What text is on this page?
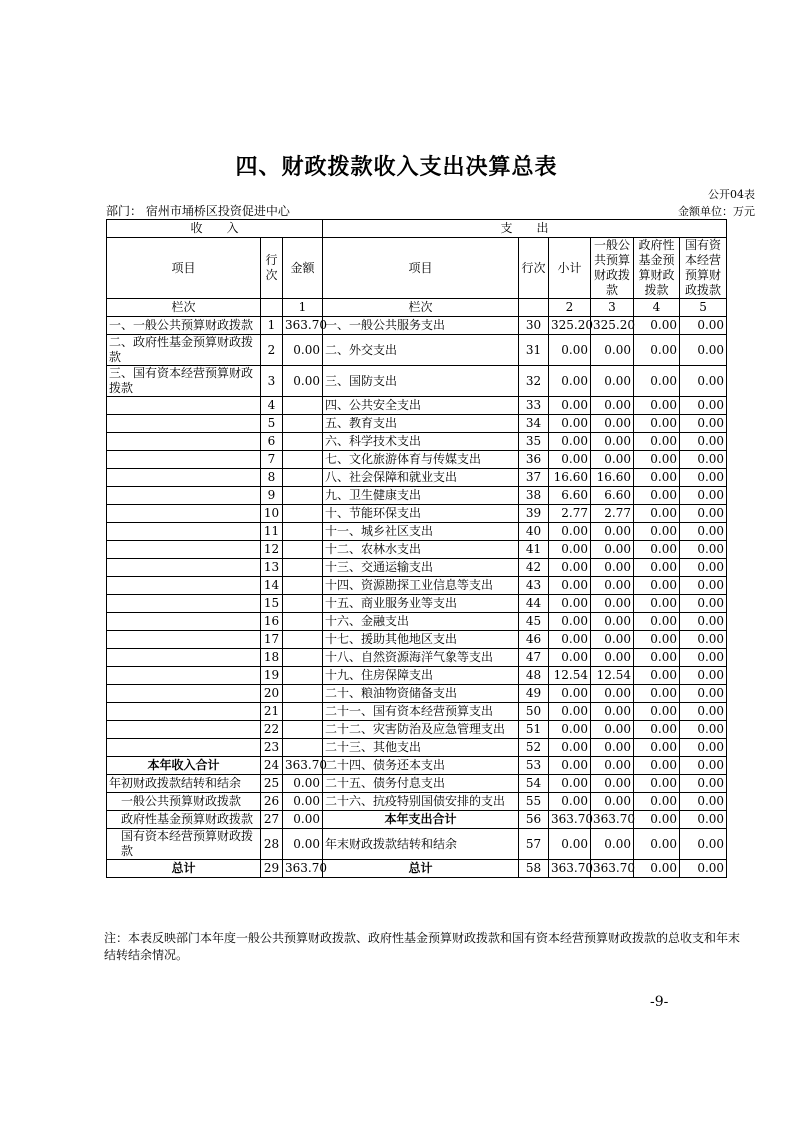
四、财政拨款收入支出决算总表
公开04表
部门： 宿州市埇桥区投资促进中心	金额单位：万元
收　　入			支　　出					
项目	行次	金额	项目	行次	小计	一般公共预算财政拨款	政府性基金预算财政拨款	国有资本经营预算财政拨款
栏次		1	栏次		2	3	4	5
一、一般公共预算财政拨款	1	363.70	一、一般公共服务支出	30	325.20	325.20	0.00	0.00
二、政府性基金预算财政拨款	2	0.00	二、外交支出	31	0.00	0.00	0.00	0.00
三、国有资本经营预算财政拨款	3	0.00	三、国防支出	32	0.00	0.00	0.00	0.00
	4		四、公共安全支出	33	0.00	0.00	0.00	0.00
	5		五、教育支出	34	0.00	0.00	0.00	0.00
	6		六、科学技术支出	35	0.00	0.00	0.00	0.00
	7		七、文化旅游体育与传媒支出	36	0.00	0.00	0.00	0.00
	8		八、社会保障和就业支出	37	16.60	16.60	0.00	0.00
	9		九、卫生健康支出	38	6.60	6.60	0.00	0.00
	10		十、节能环保支出	39	2.77	2.77	0.00	0.00
	11		十一、城乡社区支出	40	0.00	0.00	0.00	0.00
	12		十二、农林水支出	41	0.00	0.00	0.00	0.00
	13		十三、交通运输支出	42	0.00	0.00	0.00	0.00
	14		十四、资源勘探工业信息等支出	43	0.00	0.00	0.00	0.00
	15		十五、商业服务业等支出	44	0.00	0.00	0.00	0.00
	16		十六、金融支出	45	0.00	0.00	0.00	0.00
	17		十七、援助其他地区支出	46	0.00	0.00	0.00	0.00
	18		十八、自然资源海洋气象等支出	47	0.00	0.00	0.00	0.00
	19		十九、住房保障支出	48	12.54	12.54	0.00	0.00
	20		二十、粮油物资储备支出	49	0.00	0.00	0.00	0.00
	21		二十一、国有资本经营预算支出	50	0.00	0.00	0.00	0.00
	22		二十二、灾害防治及应急管理支出	51	0.00	0.00	0.00	0.00
	23		二十三、其他支出	52	0.00	0.00	0.00	0.00
本年收入合计	24	363.70	二十四、债务还本支出	53	0.00	0.00	0.00	0.00
年初财政拨款结转和结余	25	0.00	二十五、债务付息支出	54	0.00	0.00	0.00	0.00
一般公共预算财政拨款	26	0.00	二十六、抗疫特别国债安排的支出	55	0.00	0.00	0.00	0.00
政府性基金预算财政拨款	27	0.00	本年支出合计	56	363.70	363.70	0.00	0.00
国有资本经营预算财政拨款	28	0.00	年末财政拨款结转和结余	57	0.00	0.00	0.00	0.00
总计	29	363.70	总计	58	363.70	363.70	0.00	0.00
注：本表反映部门本年度一般公共预算财政拨款、政府性基金预算财政拨款和国有资本经营预算财政拨款的总收支和年末结转结余情况。
-9-
